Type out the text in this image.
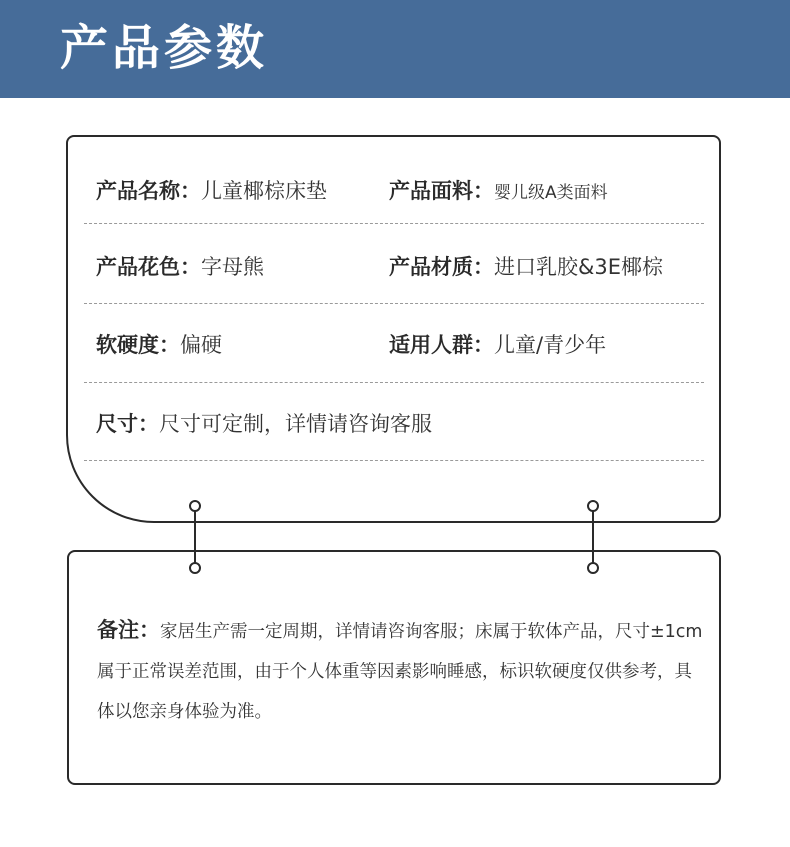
产品参数
产品名称：儿童椰棕床垫	产品面料：婴儿级A类面料
产品花色：字母熊	产品材质：进口乳胶&3E椰棕
软硬度：偏硬	适用人群：儿童/青少年
尺寸：尺寸可定制，详情请咨询客服
备注：家居生产需一定周期，详情请咨询客服；床属于软体产品，尺寸±1cm属于正常误差范围，由于个人体重等因素影响睡感，标识软硬度仅供参考，具体以您亲身体验为准。
